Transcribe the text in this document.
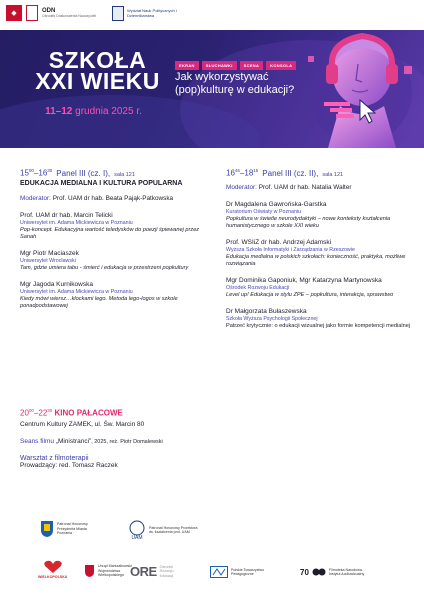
◆	ODN
Ośrodek Doskonalenia Nauczycieli
Wydział Nauk Politycznych i Dziennikarstwa
SZKOŁA
XXI WIEKU
11–12 grudnia 2025 r.
EKRAN	SŁUCHAWKI	SCENA	KONSOLA
Jak wykorzystywać (pop)kulturę w edukacji?
$15^{00}-16^{30}$ Panel III (cz. I), sala 121
EDUKACJA MEDIALNA I KULTURA POPULARNA
Moderator: Prof. UAM dr hab. Beata Pająk-Patkowska
Prof. UAM dr hab. Marcin Telicki
Uniwersytet im. Adama Mickiewicza w Poznaniu
Pop-koncept. Edukacyjna wartość teledysków do poezji śpiewanej przez Sanah
Mgr Piotr Maciaszek
Uniwersytet Wrocławski
Tam, gdzie umiera tabu - śmierć i edukacja w przestrzeni popkultury
Mgr Jagoda Kurnikowska
Uniwersytet im. Adama Mickiewicza w Poznaniu
Kiedy mówi wiersz…klockami lego. Metoda lego-logos w szkole ponadpodstawowej
$16^{45}-18^{15}$ Panel III (cz. II), sala 121
Moderator: Prof. UAM dr hab. Natalia Walter
Dr Magdalena Gawrońska-Garstka
Kuratorium Oświaty w Poznaniu
Popkultura w świetle neurodydaktyki – nowe konteksty kształcenia humanistycznego w szkole XXI wieku
Prof. WSIiZ dr hab. Andrzej Adamski
Wyższa Szkoła Informatyki i Zarządzania w Rzeszowie
Edukacja medialna w polskich szkołach: konieczność, praktyka, możliwe rozwiązania
Mgr Dominika Gaponiuk, Mgr Katarzyna Martynowska
Ośrodek Rozwoju Edukacji
Level up! Edukacja w stylu ZPE – popkultura, interakcja, sprawstwo
Dr Małgorzata Bułaszewska
Szkoła Wyższa Psychologii Społecznej
Patrzeć krytycznie: o edukacji wizualnej jako formie kompetencji medialnej
$20^{00}-22^{30}$ KINO PAŁACOWE
Centrum Kultury ZAMEK, ul. Św. Marcin 80
Seans filmu „Ministranci”, 2025, reż. Piotr Domalewski
Warsztat z filmoterapii
Prowadzący: red. Tomasz Raczek
Patronat Honorowy Prezydenta Miasta Poznania
UAM
Patronat Honorowy Prorektora ds. kształcenia prof. UAM
WIELKOPOLSKA
Urząd Marszałkowski Województwa Wielkopolskiego ORE Ośrodek Rozwoju Edukacji
Polskie Towarzystwo Pedagogiczne	70	Filmoteka Narodowa Instytut Audiowizualny
